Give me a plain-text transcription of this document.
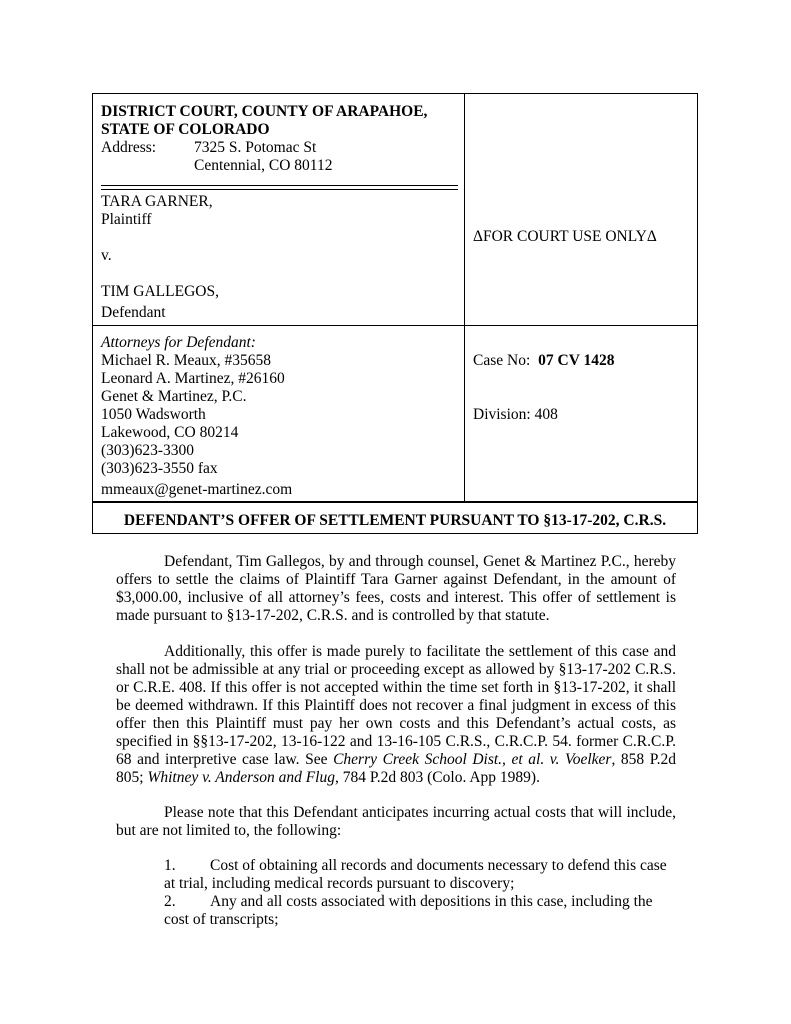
DISTRICT COURT, COUNTY OF ARAPAHOE,
STATE OF COLORADO
Address: 7325 S. Potomac St
Centennial, CO 80112
TARA GARNER,
Plaintiff
v.
TIM GALLEGOS,
Defendant
ΔFOR COURT USE ONLYΔ
Attorneys for Defendant:
Michael R. Meaux, #35658
Leonard A. Martinez, #26160
Genet & Martinez, P.C.
1050 Wadsworth
Lakewood, CO 80214
(303)623-3300
(303)623-3550 fax
mmeaux@genet-martinez.com
Case No: 07 CV 1428
Division: 408
DEFENDANT’S OFFER OF SETTLEMENT PURSUANT TO §13-17-202, C.R.S.

Defendant, Tim Gallegos, by and through counsel, Genet & Martinez P.C., hereby offers to settle the claims of Plaintiff Tara Garner against Defendant, in the amount of $3,000.00, inclusive of all attorney’s fees, costs and interest. This offer of settlement is made pursuant to §13-17-202, C.R.S. and is controlled by that statute.

Additionally, this offer is made purely to facilitate the settlement of this case and shall not be admissible at any trial or proceeding except as allowed by §13-17-202 C.R.S. or C.R.E. 408. If this offer is not accepted within the time set forth in §13-17-202, it shall be deemed withdrawn. If this Plaintiff does not recover a final judgment in excess of this offer then this Plaintiff must pay her own costs and this Defendant’s actual costs, as specified in §§13-17-202, 13-16-122 and 13-16-105 C.R.S., C.R.C.P. 54. former C.R.C.P. 68 and interpretive case law. See Cherry Creek School Dist., et al. v. Voelker, 858 P.2d 805; Whitney v. Anderson and Flug, 784 P.2d 803 (Colo. App 1989).

Please note that this Defendant anticipates incurring actual costs that will include, but are not limited to, the following:

1. Cost of obtaining all records and documents necessary to defend this case at trial, including medical records pursuant to discovery;

2. Any and all costs associated with depositions in this case, including the cost of transcripts;
